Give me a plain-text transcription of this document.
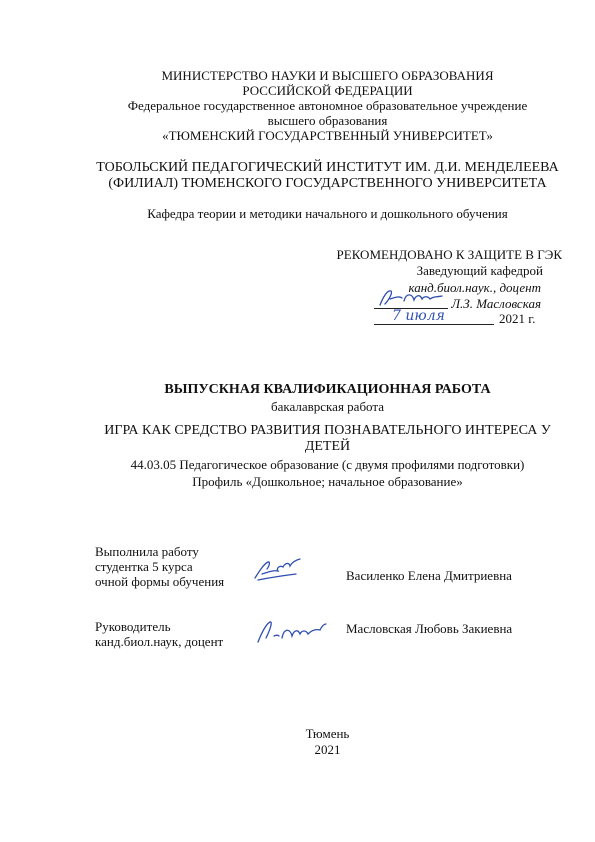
МИНИСТЕРСТВО НАУКИ И ВЫСШЕГО ОБРАЗОВАНИЯ
РОССИЙСКОЙ ФЕДЕРАЦИИ
Федеральное государственное автономное образовательное учреждение
высшего образования
«ТЮМЕНСКИЙ ГОСУДАРСТВЕННЫЙ УНИВЕРСИТЕТ»
ТОБОЛЬСКИЙ ПЕДАГОГИЧЕСКИЙ ИНСТИТУТ ИМ. Д.И. МЕНДЕЛЕЕВА
(ФИЛИАЛ) ТЮМЕНСКОГО ГОСУДАРСТВЕННОГО УНИВЕРСИТЕТА
Кафедра теории и методики начального и дошкольного обучения
РЕКОМЕНДОВАНО К ЗАЩИТЕ В ГЭК
Заведующий кафедрой
канд.биол.наук., доцент
Л.З. Масловская
7 июля	2021 г.
ВЫПУСКНАЯ КВАЛИФИКАЦИОННАЯ РАБОТА
бакалаврская работа
ИГРА КАК СРЕДСТВО РАЗВИТИЯ ПОЗНАВАТЕЛЬНОГО ИНТЕРЕСА У
ДЕТЕЙ
44.03.05 Педагогическое образование (с двумя профилями подготовки)
Профиль «Дошкольное; начальное образование»
Выполнила работу
студентка 5 курса
очной формы обучения	Василенко Елена Дмитриевна
Руководитель
канд.биол.наук, доцент
Масловская Любовь Закиевна
Тюмень
2021
